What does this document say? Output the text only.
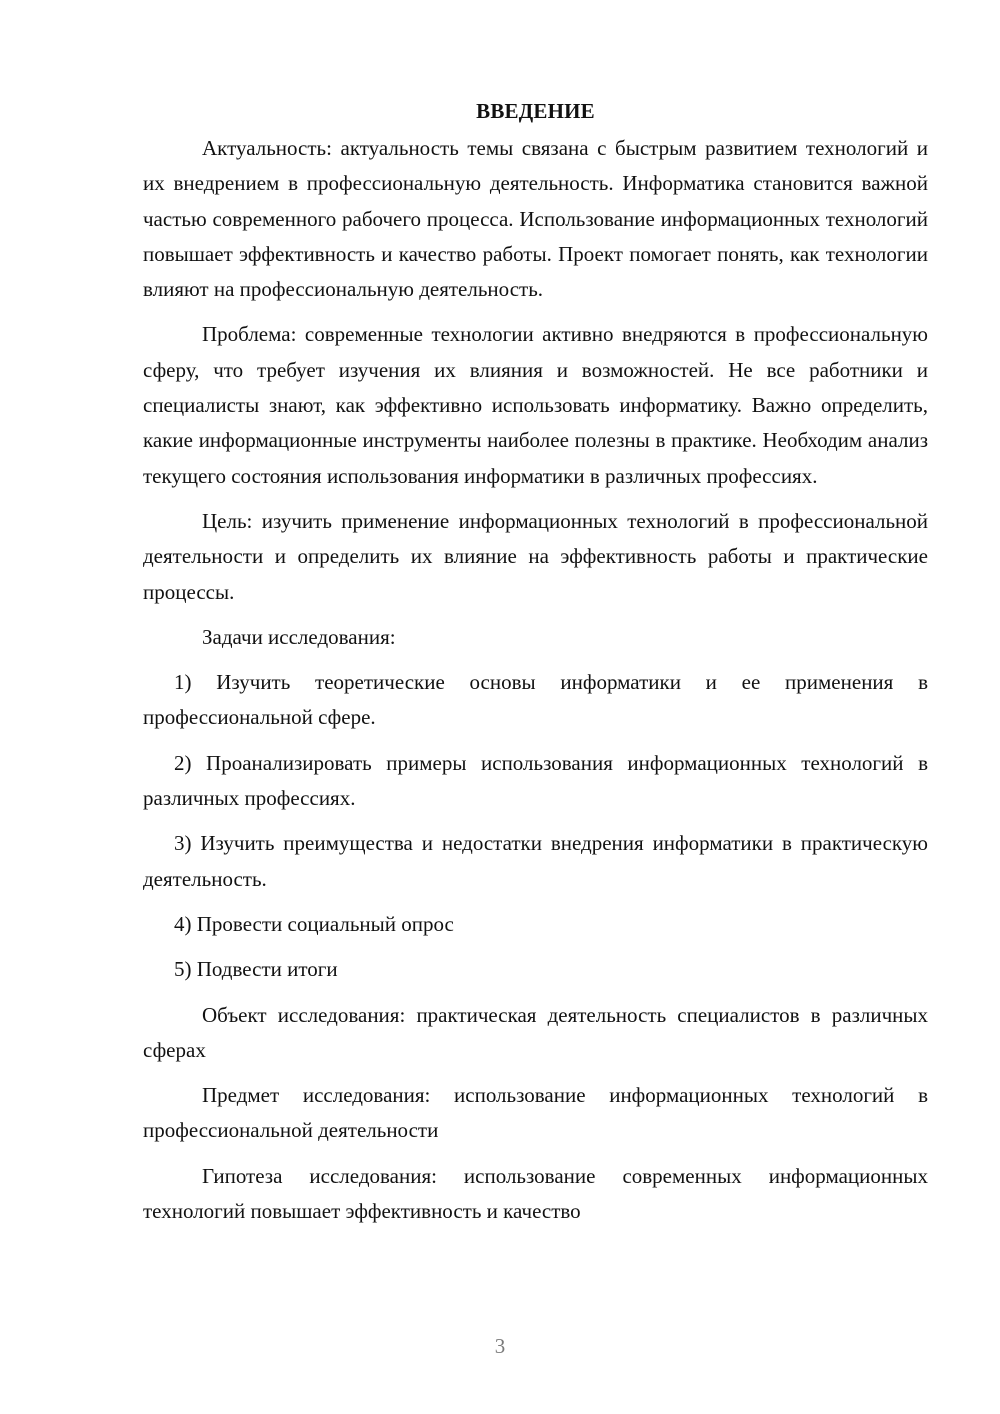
ВВЕДЕНИЕ

Актуальность: актуальность темы связана с быстрым развитием технологий и их внедрением в профессиональную деятельность. Информатика становится важной частью современного рабочего процесса. Использование информационных технологий повышает эффективность и качество работы. Проект помогает понять, как технологии влияют на профессиональную деятельность.

Проблема: современные технологии активно внедряются в профессиональную сферу, что требует изучения их влияния и возможностей. Не все работники и специалисты знают, как эффективно использовать информатику. Важно определить, какие информационные инструменты наиболее полезны в практике. Необходим анализ текущего состояния использования информатики в различных профессиях.

Цель: изучить применение информационных технологий в профессиональной деятельности и определить их влияние на эффективность работы и практические процессы.

Задачи исследования:

1) Изучить теоретические основы информатики и ее применения в профессиональной сфере.

2) Проанализировать примеры использования информационных технологий в различных профессиях.

3) Изучить преимущества и недостатки внедрения информатики в практическую деятельность.

4) Провести социальный опрос

5) Подвести итоги

Объект исследования: практическая деятельность специалистов в различных сферах

Предмет исследования: использование информационных технологий в профессиональной деятельности

Гипотеза исследования: использование современных информационных технологий повышает эффективность и качество

3
